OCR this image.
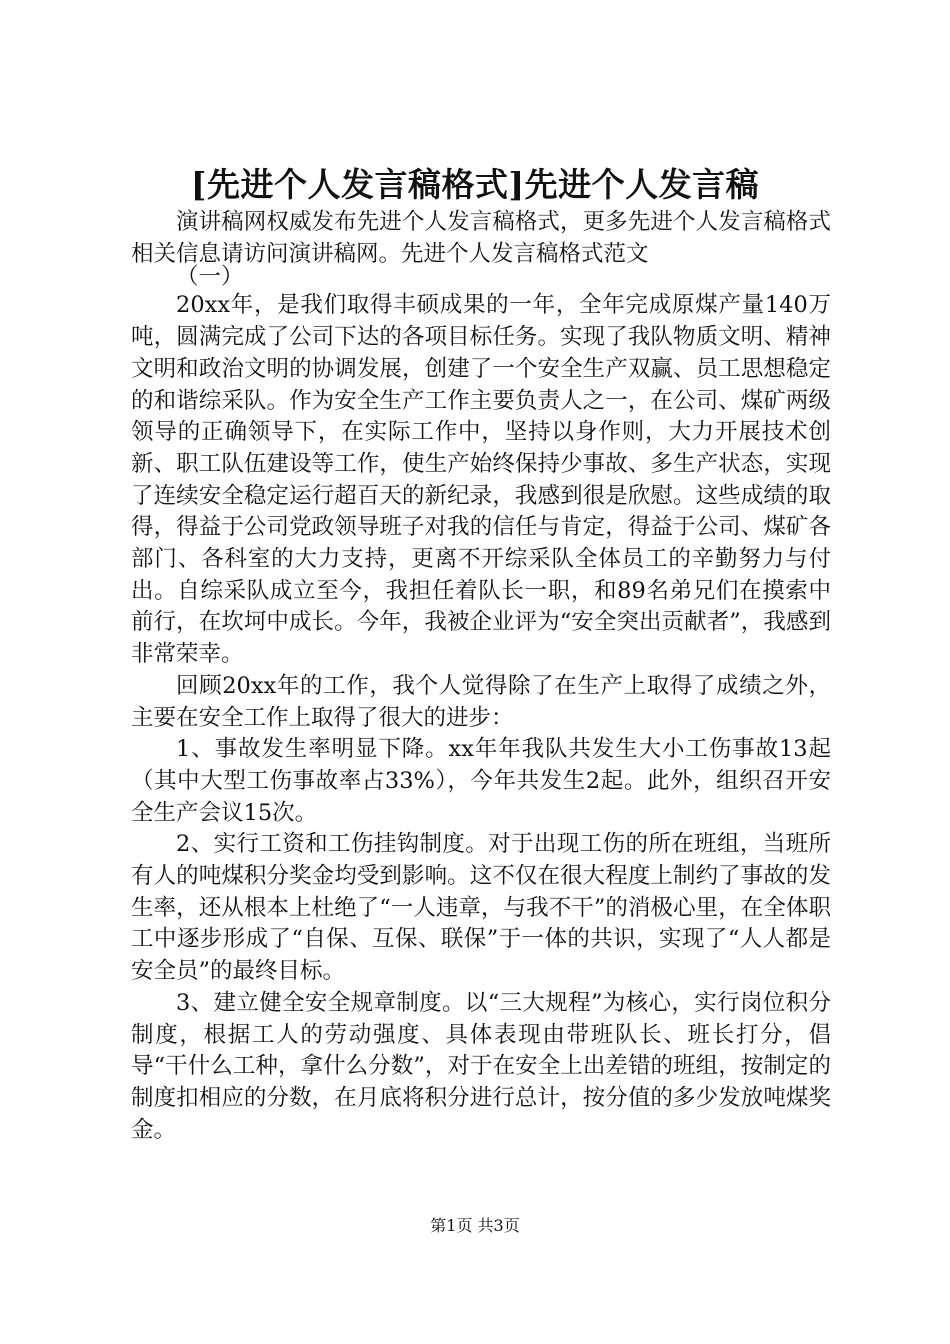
[先进个人发言稿格式]先进个人发言稿

演讲稿网权威发布先进个人发言稿格式，更多先进个人发言稿格式相关信息请访问演讲稿网。先进个人发言稿格式范文

（一）

20xx年，是我们取得丰硕成果的一年，全年完成原煤产量140万吨，圆满完成了公司下达的各项目标任务。实现了我队物质文明、精神文明和政治文明的协调发展，创建了一个安全生产双赢、员工思想稳定的和谐综采队。作为安全生产工作主要负责人之一，在公司、煤矿两级领导的正确领导下，在实际工作中，坚持以身作则，大力开展技术创新、职工队伍建设等工作，使生产始终保持少事故、多生产状态，实现了连续安全稳定运行超百天的新纪录，我感到很是欣慰。这些成绩的取得，得益于公司党政领导班子对我的信任与肯定，得益于公司、煤矿各部门、各科室的大力支持，更离不开综采队全体员工的辛勤努力与付出。自综采队成立至今，我担任着队长一职，和89名弟兄们在摸索中前行，在坎坷中成长。今年，我被企业评为“安全突出贡献者”，我感到非常荣幸。

回顾20xx年的工作，我个人觉得除了在生产上取得了成绩之外，主要在安全工作上取得了很大的进步：

1、事故发生率明显下降。xx年年我队共发生大小工伤事故13起（其中大型工伤事故率占33%），今年共发生2起。此外，组织召开安全生产会议15次。

2、实行工资和工伤挂钩制度。对于出现工伤的所在班组，当班所有人的吨煤积分奖金均受到影响。这不仅在很大程度上制约了事故的发生率，还从根本上杜绝了“一人违章，与我不干”的消极心里，在全体职工中逐步形成了“自保、互保、联保”于一体的共识，实现了“人人都是安全员”的最终目标。

3、建立健全安全规章制度。以“三大规程”为核心，实行岗位积分制度，根据工人的劳动强度、具体表现由带班队长、班长打分，倡导“干什么工种，拿什么分数”，对于在安全上出差错的班组，按制定的制度扣相应的分数，在月底将积分进行总计，按分值的多少发放吨煤奖金。

第1页 共3页
